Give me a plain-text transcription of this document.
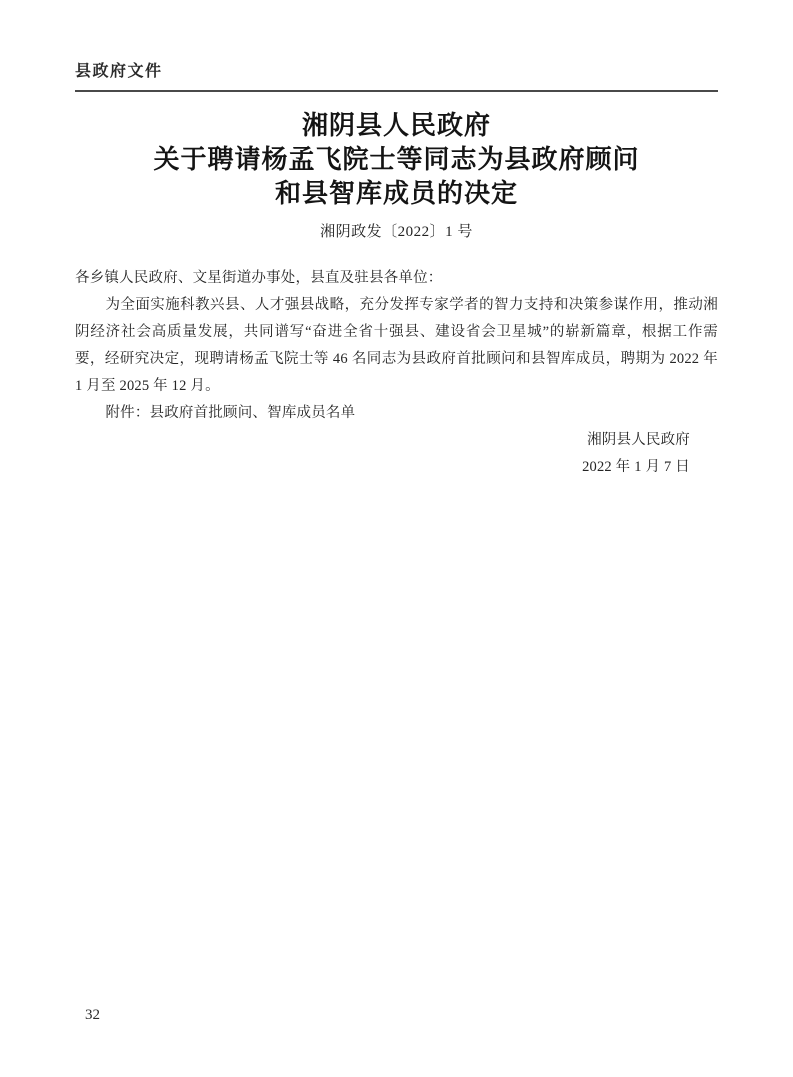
县政府文件
湘阴县人民政府
关于聘请杨孟飞院士等同志为县政府顾问
和县智库成员的决定
湘阴政发〔2022〕1 号

各乡镇人民政府、文星街道办事处，县直及驻县各单位：

为全面实施科教兴县、人才强县战略，充分发挥专家学者的智力支持和决策参谋作用，推动湘阴经济社会高质量发展，共同谱写“奋进全省十强县、建设省会卫星城”的崭新篇章，根据工作需要，经研究决定，现聘请杨孟飞院士等 46 名同志为县政府首批顾问和县智库成员，聘期为 2022 年 1 月至 2025 年 12 月。

附件：县政府首批顾问、智库成员名单

湘阴县人民政府
2022 年 1 月 7 日
32
